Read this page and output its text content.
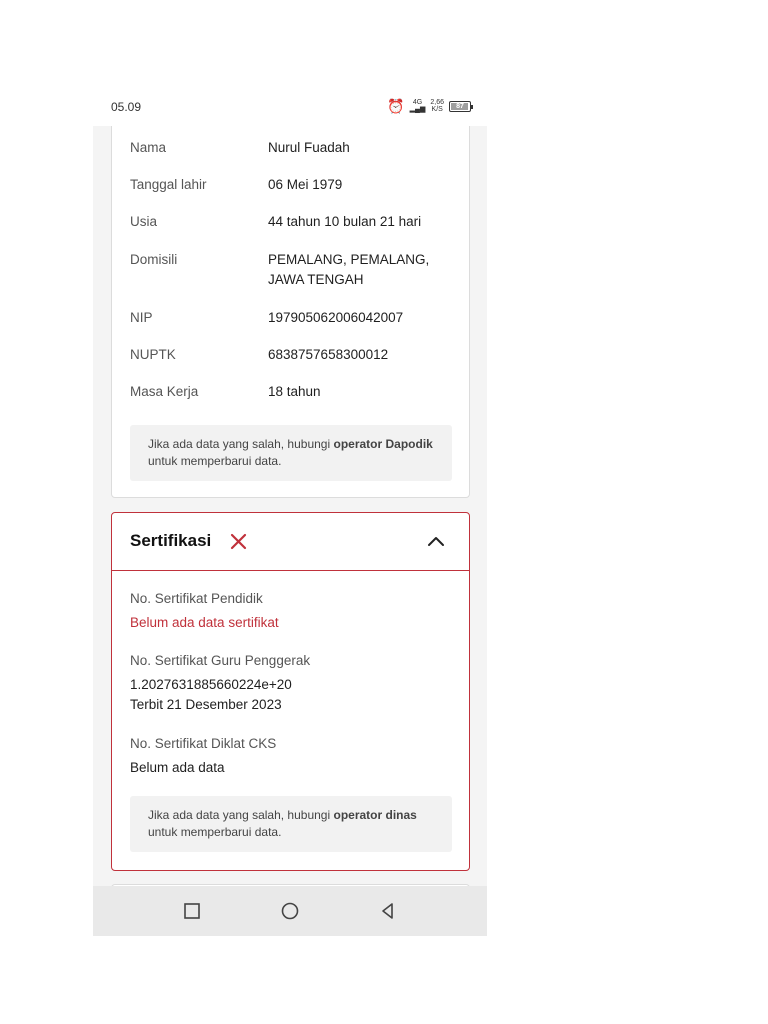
05.09	⏰	4G
▂▄▆
2,66
K/S 87
Nama	Nurul Fuadah
Tanggal lahir	06 Mei 1979
Usia	44 tahun 10 bulan 21 hari
Domisili	PEMALANG, PEMALANG, JAWA TENGAH
NIP	197905062006042007
NUPTK	6838757658300012
Masa Kerja	18 tahun
Jika ada data yang salah, hubungi operator Dapodik untuk memperbarui data.
Sertifikasi
No. Sertifikat Pendidik
Belum ada data sertifikat
No. Sertifikat Guru Penggerak
1.2027631885660224e+20
Terbit 21 Desember 2023
No. Sertifikat Diklat CKS
Belum ada data
Jika ada data yang salah, hubungi operator dinas untuk memperbarui data.
